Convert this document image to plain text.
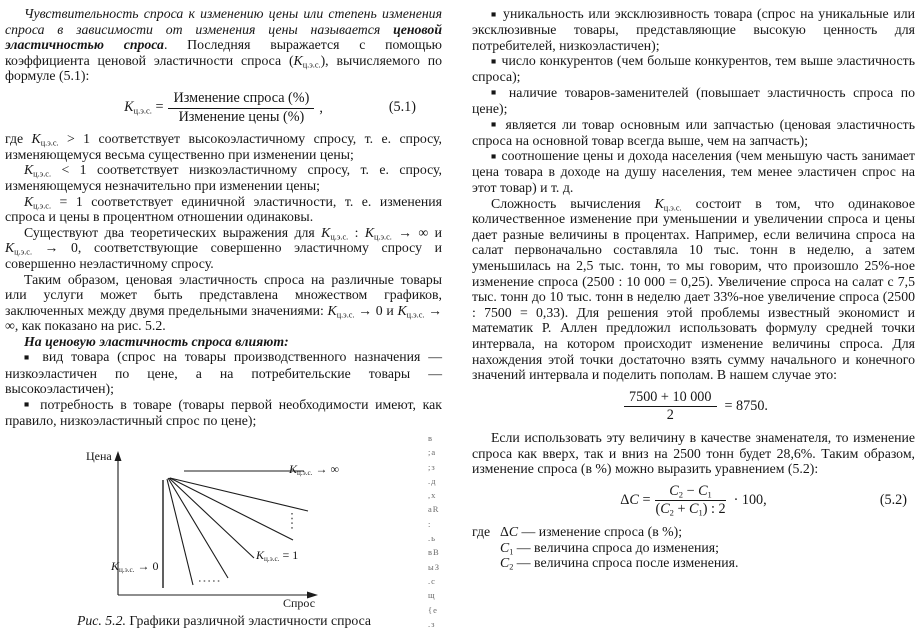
Чувствительность спроса к изменению цены или степень изменения спроса в зависимости от изменения цены называется ценовой эластичностью спроса. Последняя выражается с помощью коэффициента ценовой эластичности спроса $(К_{ц.э.с.})$, вычисляемого по формуле (5.1):

$К_{ц.э.с.} = \frac{\text{Изменение спроса (\%)}}{\text{Изменение цены (\%)}}$ ,	(5.1)

где $К_{ц.э.с.} > 1$ соответствует высокоэластичному спросу, т. е. спросу, изменяющемуся весьма существенно при изменении цены;

$К_{ц.э.с.} < 1$ соответствует низкоэластичному спросу, т. е. спросу, изменяющемуся незначительно при изменении цены;

$К_{ц.э.с.} = 1$ соответствует единичной эластичности, т. е. изменения спроса и цены в процентном отношении одинаковы.

Существуют два теоретических выражения для $К_{ц.э.с.}$ : $К_{ц.э.с.}$ → ∞ и $К_{ц.э.с.} \to 0$, соответствующие совершенно эластичному спросу и совершенно неэластичному спросу.

Таким образом, ценовая эластичность спроса на различные товары или услуги может быть представлена множеством графиков, заключенных между двумя предельными значениями: $К_{ц.э.с.} \to 0$ и $К_{ц.э.с.}$ → ∞, как показано на рис. 5.2.

На ценовую эластичность спроса влияют:

■ вид товара (спрос на товары производственного назначения — низкоэластичен по цене, а на потребительские товары — высокоэластичен);

■ потребность в товаре (товары первой необходимости имеют, как правило, низкоэластичный спрос по цене);

Цена
Спрос
$К_{ц.э.с.}$ → ∞
$К_{ц.э.с.} = 1$
$К_{ц.э.с.} \to 0$
Рис. 5.2. Графики различной эластичности спроса

■ уникальность или эксклюзивность товара (спрос на уникальные или эксклюзивные товары, представляющие высокую ценность для потребителей, низкоэластичен);

■ число конкурентов (чем больше конкурентов, тем выше эластичность спроса);

■ наличие товаров-заменителей (повышает эластичность спроса по цене);

■ является ли товар основным или запчастью (ценовая эластичность спроса на основной товар всегда выше, чем на запчасть);

■ соотношение цены и дохода населения (чем меньшую часть занимает цена товара в доходе на душу населения, тем менее эластичен спрос на этот товар) и т. д.

Сложность вычисления $К_{ц.э.с.}$ состоит в том, что одинаковое количественное изменение при уменьшении и увеличении спроса и цены дает разные величины в процентах. Например, если величина спроса на салат первоначально составляла 10 тыс. тонн в неделю, а затем уменьшилась на 2,5 тыс. тонн, то мы говорим, что произошло 25%-ное изменение спроса (2500 : 10 000 = 0,25). Увеличение спроса на салат с 7,5 тыс. тонн до 10 тыс. тонн в неделю дает 33%-ное увеличение спроса (2500 : 7500 = 0,33). Для решения этой проблемы известный экономист и математик Р. Аллен предложил использовать формулу средней точки интервала, на котором происходит изменение величины спроса. Для нахождения этой точки достаточно взять сумму начального и конечного значений интервала и поделить пополам. В нашем случае это:

$\frac{7500 + 10 000}{2} = 8750$.

Если использовать эту величину в качестве знаменателя, то изменение спроса как вверх, так и вниз на 2500 тонн будет 28,6%. Таким образом, изменение спроса (в %) можно выразить уравнением (5.2):

$\Delta C = \frac{C_2 - C_1}{(C_2 + C_1) : 2} \cdot 100$,	(5.2)
где ΔC — изменение спроса (в %);
$C_1$ — величина спроса до изменения;
$C_2$ — величина спроса после изменения.
в
;а
;з
.д
,х
аR
:
.ь
вВ
ыЗ
.с
щ
{е
.з
